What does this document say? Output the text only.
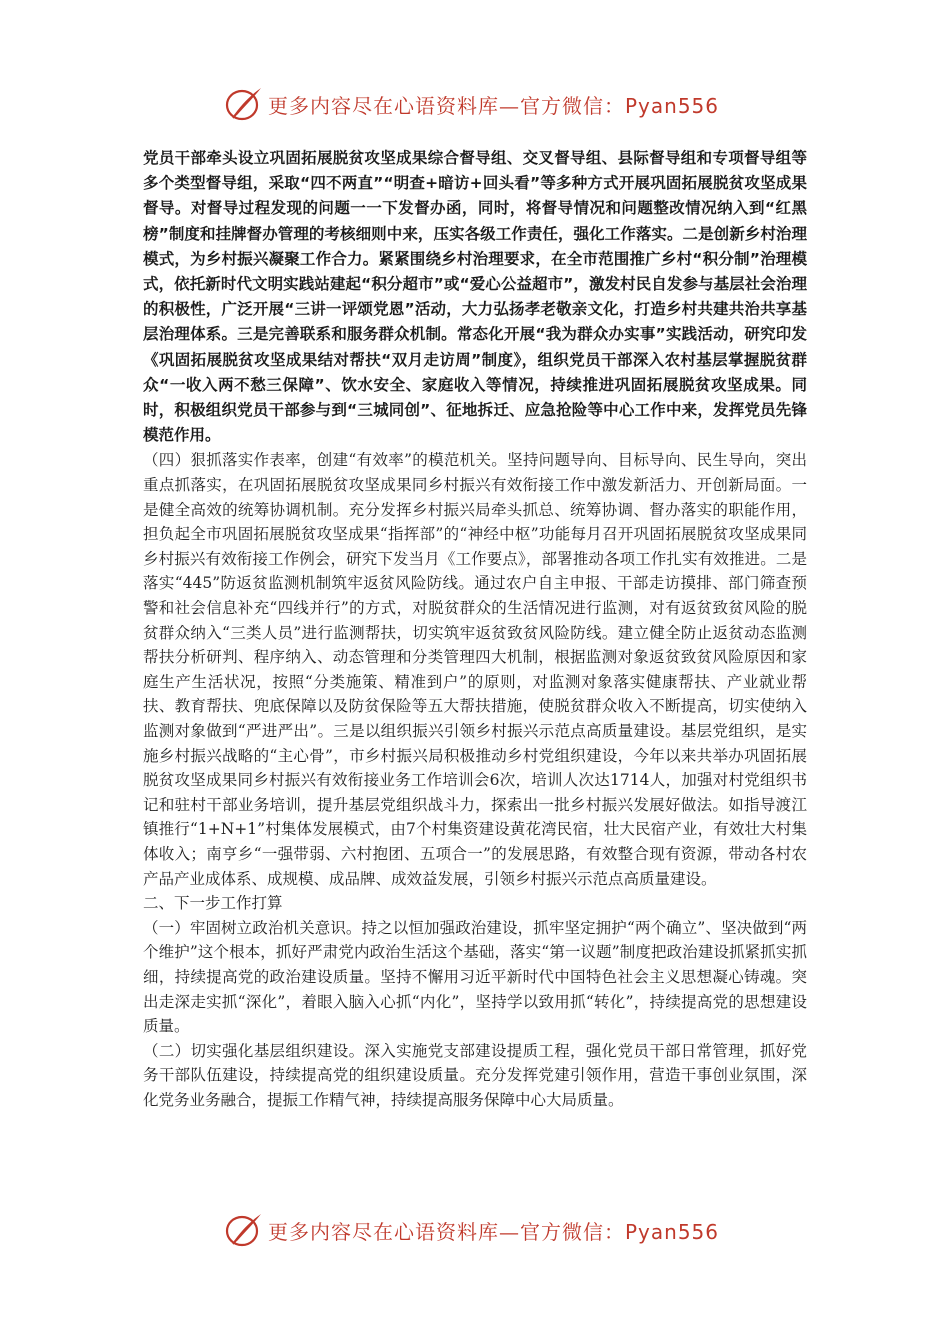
更多内容尽在心语资料库—官方微信：Pyan556

党员干部牵头设立巩固拓展脱贫攻坚成果综合督导组、交叉督导组、县际督导组和专项督导组等多个类型督导组，采取“四不两直”“明查+暗访+回头看”等多种方式开展巩固拓展脱贫攻坚成果督导。对督导过程发现的问题一一下发督办函，同时，将督导情况和问题整改情况纳入到“红黑榜”制度和挂牌督办管理的考核细则中来，压实各级工作责任，强化工作落实。二是创新乡村治理模式，为乡村振兴凝聚工作合力。紧紧围绕乡村治理要求，在全市范围推广乡村“积分制”治理模式，依托新时代文明实践站建起“积分超市”或“爱心公益超市”，激发村民自发参与基层社会治理的积极性，广泛开展“三讲一评颂党恩”活动，大力弘扬孝老敬亲文化，打造乡村共建共治共享基层治理体系。三是完善联系和服务群众机制。常态化开展“我为群众办实事”实践活动，研究印发《巩固拓展脱贫攻坚成果结对帮扶“双月走访周”制度》，组织党员干部深入农村基层掌握脱贫群众“一收入两不愁三保障”、饮水安全、家庭收入等情况，持续推进巩固拓展脱贫攻坚成果。同时，积极组织党员干部参与到“三城同创”、征地拆迁、应急抢险等中心工作中来，发挥党员先锋模范作用。

（四）狠抓落实作表率，创建“有效率”的模范机关。坚持问题导向、目标导向、民生导向，突出重点抓落实，在巩固拓展脱贫攻坚成果同乡村振兴有效衔接工作中激发新活力、开创新局面。一是健全高效的统筹协调机制。充分发挥乡村振兴局牵头抓总、统筹协调、督办落实的职能作用，担负起全市巩固拓展脱贫攻坚成果“指挥部”的“神经中枢”功能每月召开巩固拓展脱贫攻坚成果同乡村振兴有效衔接工作例会，研究下发当月《工作要点》，部署推动各项工作扎实有效推进。二是落实“445”防返贫监测机制筑牢返贫风险防线。通过农户自主申报、干部走访摸排、部门筛查预警和社会信息补充“四线并行”的方式，对脱贫群众的生活情况进行监测，对有返贫致贫风险的脱贫群众纳入“三类人员”进行监测帮扶，切实筑牢返贫致贫风险防线。建立健全防止返贫动态监测帮扶分析研判、程序纳入、动态管理和分类管理四大机制，根据监测对象返贫致贫风险原因和家庭生产生活状况，按照“分类施策、精准到户”的原则，对监测对象落实健康帮扶、产业就业帮扶、教育帮扶、兜底保障以及防贫保险等五大帮扶措施，使脱贫群众收入不断提高，切实使纳入监测对象做到“严进严出”。三是以组织振兴引领乡村振兴示范点高质量建设。基层党组织，是实施乡村振兴战略的“主心骨”，市乡村振兴局积极推动乡村党组织建设，今年以来共举办巩固拓展脱贫攻坚成果同乡村振兴有效衔接业务工作培训会6次，培训人次达1714人，加强对村党组织书记和驻村干部业务培训，提升基层党组织战斗力，探索出一批乡村振兴发展好做法。如指导渡江镇推行“1+N+1”村集体发展模式，由7个村集资建设黄花湾民宿，壮大民宿产业，有效壮大村集体收入；南亨乡“一强带弱、六村抱团、五项合一”的发展思路，有效整合现有资源，带动各村农产品产业成体系、成规模、成品牌、成效益发展，引领乡村振兴示范点高质量建设。

二、下一步工作打算

（一）牢固树立政治机关意识。持之以恒加强政治建设，抓牢坚定拥护“两个确立”、坚决做到“两个维护”这个根本，抓好严肃党内政治生活这个基础，落实“第一议题”制度把政治建设抓紧抓实抓细，持续提高党的政治建设质量。坚持不懈用习近平新时代中国特色社会主义思想凝心铸魂。突出走深走实抓“深化”，着眼入脑入心抓“内化”，坚持学以致用抓“转化”，持续提高党的思想建设质量。

（二）切实强化基层组织建设。深入实施党支部建设提质工程，强化党员干部日常管理，抓好党务干部队伍建设，持续提高党的组织建设质量。充分发挥党建引领作用，营造干事创业氛围，深化党务业务融合，提振工作精气神，持续提高服务保障中心大局质量。

更多内容尽在心语资料库—官方微信：Pyan556
